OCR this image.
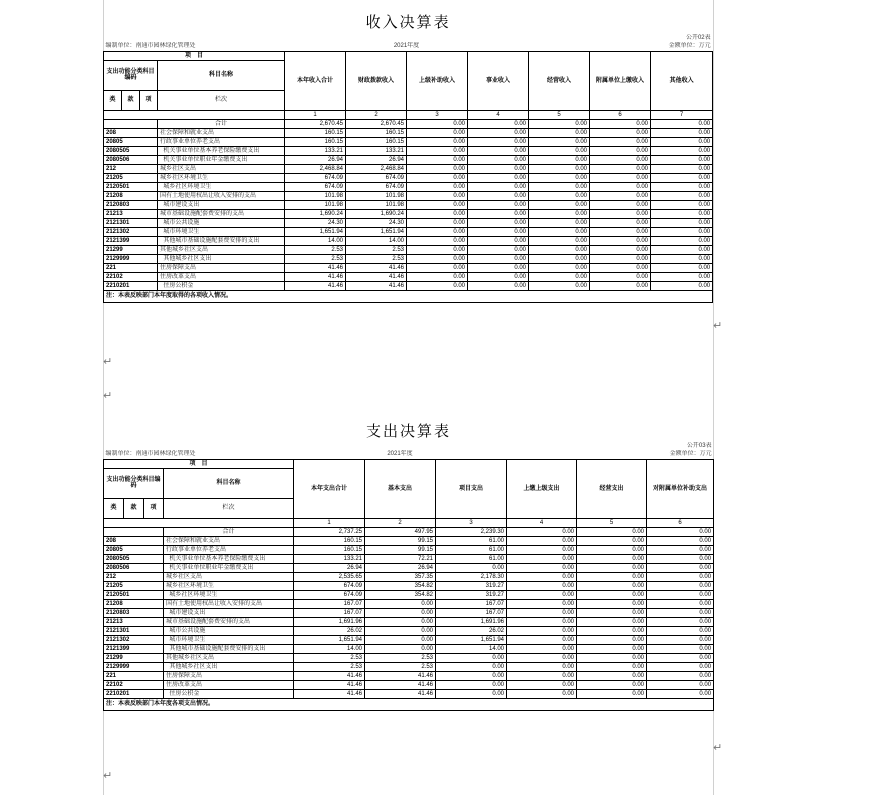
收入决算表										
公开02表										
编制单位：南通市园林绿化管理处				2021年度				金额单位：万元		
项　目				本年收入合计	财政拨款收入	上级补助收入	事业收入	经营收入	附属单位上缴收入	其他收入
支出功能分类科目编码			科目名称							
类	款	项	栏次							
				1	2	3	4	5	6	7
			合计	2,670.45	2,670.45	0.00	0.00	0.00	0.00	0.00
208			社会保障和就业支出	160.15	160.15	0.00	0.00	0.00	0.00	0.00
20805			行政事业单位养老支出	160.15	160.15	0.00	0.00	0.00	0.00	0.00
2080505			机关事业单位基本养老保险缴费支出	133.21	133.21	0.00	0.00	0.00	0.00	0.00
2080506			机关事业单位职业年金缴费支出	26.94	26.94	0.00	0.00	0.00	0.00	0.00
212			城乡社区支出	2,468.84	2,468.84	0.00	0.00	0.00	0.00	0.00
21205			城乡社区环境卫生	674.09	674.09	0.00	0.00	0.00	0.00	0.00
2120501			城乡社区环境卫生	674.09	674.09	0.00	0.00	0.00	0.00	0.00
21208			国有土地使用权出让收入安排的支出	101.98	101.98	0.00	0.00	0.00	0.00	0.00
2120803			城市建设支出	101.98	101.98	0.00	0.00	0.00	0.00	0.00
21213			城市基础设施配套费安排的支出	1,690.24	1,690.24	0.00	0.00	0.00	0.00	0.00
2121301			城市公共设施	24.30	24.30	0.00	0.00	0.00	0.00	0.00
2121302			城市环境卫生	1,651.94	1,651.94	0.00	0.00	0.00	0.00	0.00
2121399			其他城市基础设施配套费安排的支出	14.00	14.00	0.00	0.00	0.00	0.00	0.00
21299			其他城乡社区支出	2.53	2.53	0.00	0.00	0.00	0.00	0.00
2129999			其他城乡社区支出	2.53	2.53	0.00	0.00	0.00	0.00	0.00
221			住房保障支出	41.46	41.46	0.00	0.00	0.00	0.00	0.00
22102			住房改革支出	41.46	41.46	0.00	0.00	0.00	0.00	0.00
2210201			住房公积金	41.46	41.46	0.00	0.00	0.00	0.00	0.00
注：本表反映部门本年度取得的各项收入情况。										
↵
↵
↵
支出决算表									
公开03表									
编制单位：南通市园林绿化管理处				2021年度			金额单位：万元		
项　目				本年支出合计	基本支出	项目支出	上缴上级支出	经营支出	对附属单位补助支出
支出功能分类科目编码			科目名称						
类	款	项	栏次						
				1	2	3	4	5	6
			合计	2,737.25	497.95	2,239.30	0.00	0.00	0.00
208			社会保障和就业支出	160.15	99.15	61.00	0.00	0.00	0.00
20805			行政事业单位养老支出	160.15	99.15	61.00	0.00	0.00	0.00
2080505			机关事业单位基本养老保险缴费支出	133.21	72.21	61.00	0.00	0.00	0.00
2080506			机关事业单位职业年金缴费支出	26.94	26.94	0.00	0.00	0.00	0.00
212			城乡社区支出	2,535.65	357.35	2,178.30	0.00	0.00	0.00
21205			城乡社区环境卫生	674.09	354.82	319.27	0.00	0.00	0.00
2120501			城乡社区环境卫生	674.09	354.82	319.27	0.00	0.00	0.00
21208			国有土地使用权出让收入安排的支出	167.07	0.00	167.07	0.00	0.00	0.00
2120803			城市建设支出	167.07	0.00	167.07	0.00	0.00	0.00
21213			城市基础设施配套费安排的支出	1,691.96	0.00	1,691.96	0.00	0.00	0.00
2121301			城市公共设施	26.02	0.00	26.02	0.00	0.00	0.00
2121302			城市环境卫生	1,651.94	0.00	1,651.94	0.00	0.00	0.00
2121399			其他城市基础设施配套费安排的支出	14.00	0.00	14.00	0.00	0.00	0.00
21299			其他城乡社区支出	2.53	2.53	0.00	0.00	0.00	0.00
2129999			其他城乡社区支出	2.53	2.53	0.00	0.00	0.00	0.00
221			住房保障支出	41.46	41.46	0.00	0.00	0.00	0.00
22102			住房改革支出	41.46	41.46	0.00	0.00	0.00	0.00
2210201			住房公积金	41.46	41.46	0.00	0.00	0.00	0.00
注：本表反映部门本年度各项支出情况。									
↵
↵
